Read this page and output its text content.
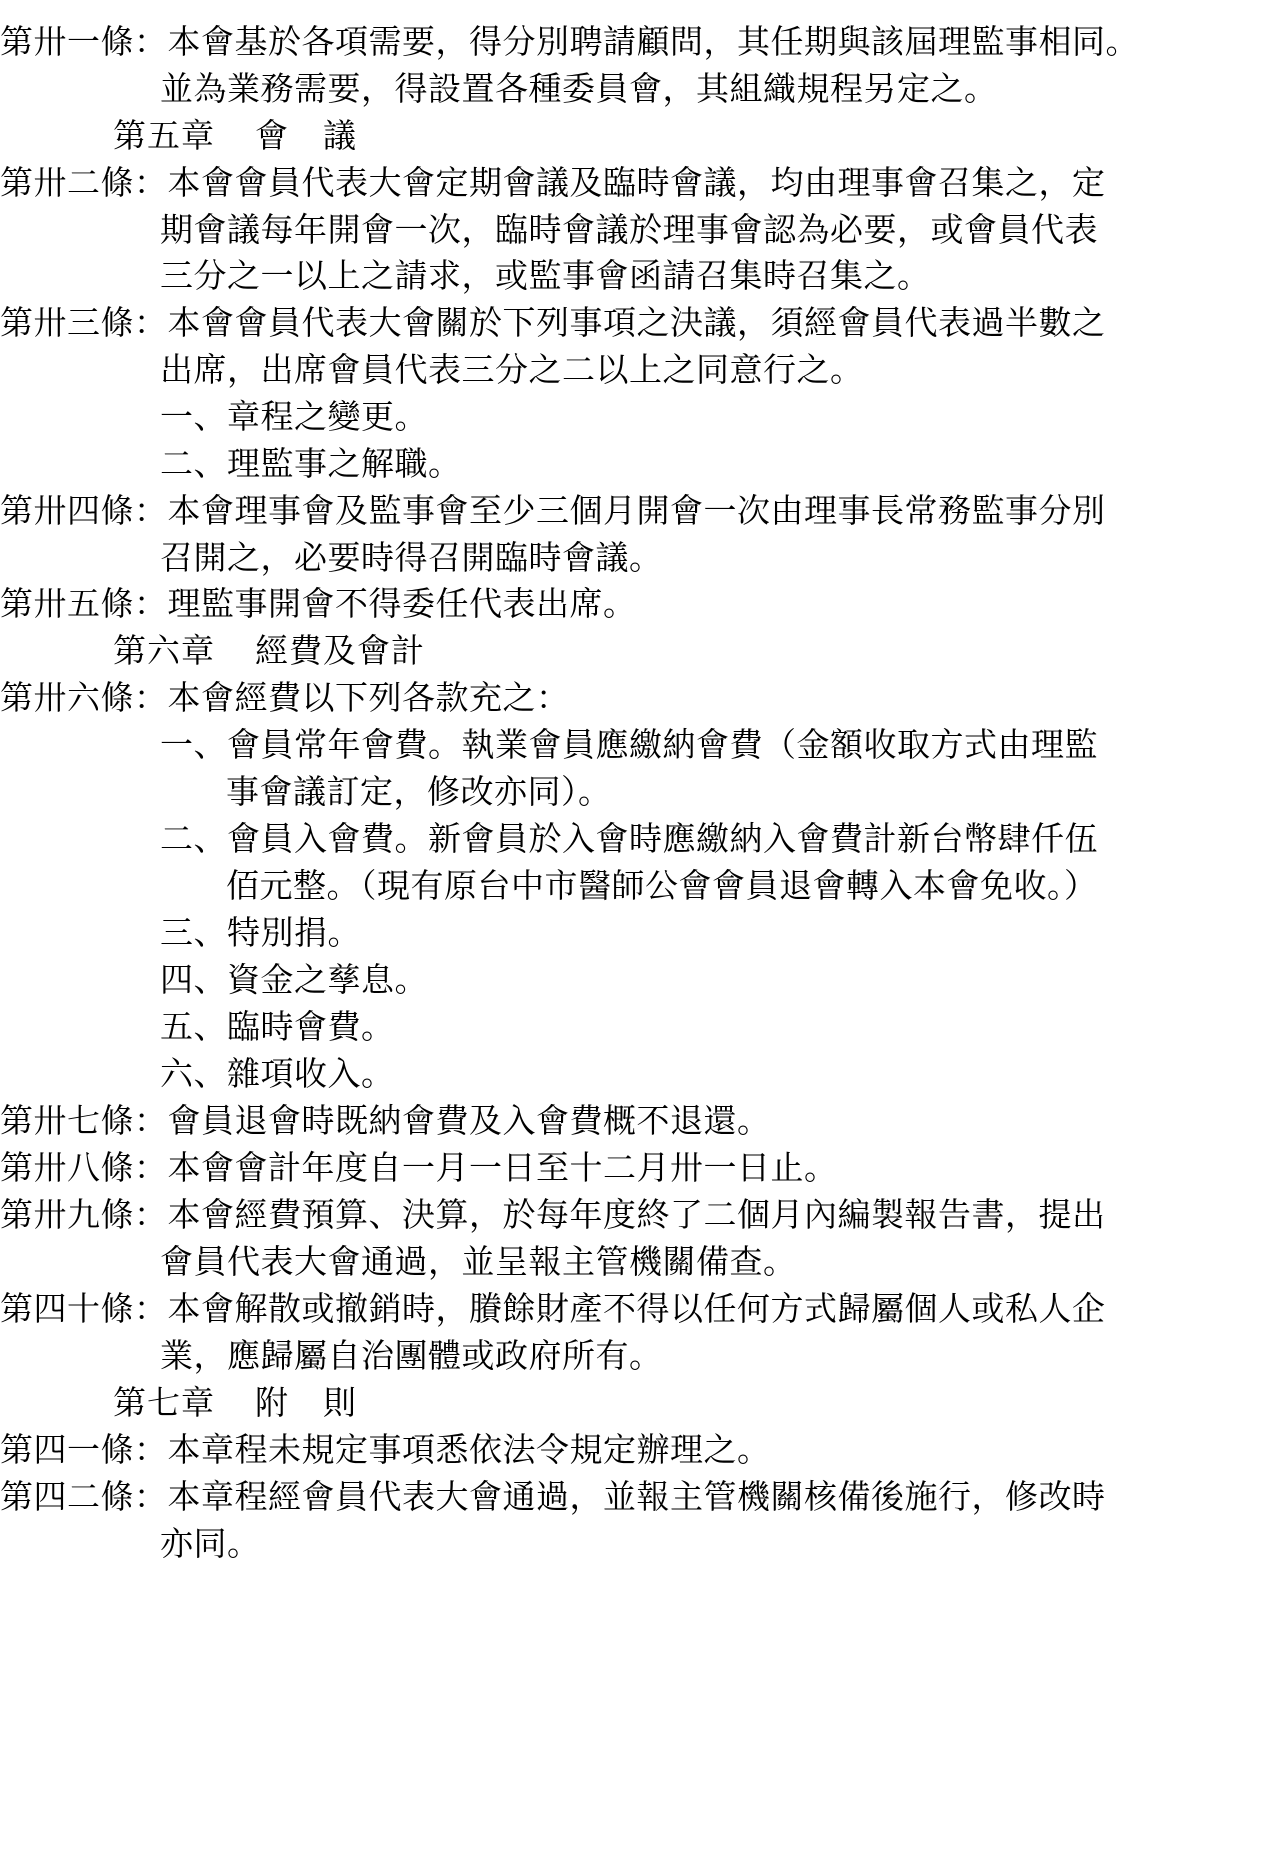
第卅一條：本會基於各項需要，得分別聘請顧問，其任期與該屆理監事相同。
並為業務需要，得設置各種委員會，其組織規程另定之。
第五章 會　議
第卅二條：本會會員代表大會定期會議及臨時會議，均由理事會召集之，定
期會議每年開會一次，臨時會議於理事會認為必要，或會員代表
三分之一以上之請求，或監事會函請召集時召集之。
第卅三條：本會會員代表大會關於下列事項之決議，須經會員代表過半數之
出席，出席會員代表三分之二以上之同意行之。
一、章程之變更。
二、理監事之解職。
第卅四條：本會理事會及監事會至少三個月開會一次由理事長常務監事分別
召開之，必要時得召開臨時會議。
第卅五條：理監事開會不得委任代表出席。
第六章 經費及會計
第卅六條：本會經費以下列各款充之：
一、會員常年會費。執業會員應繳納會費（金額收取方式由理監
事會議訂定，修改亦同）。
二、會員入會費。新會員於入會時應繳納入會費計新台幣肆仟伍
佰元整。（現有原台中市醫師公會會員退會轉入本會免收。）
三、特別捐。
四、資金之孳息。
五、臨時會費。
六、雜項收入。
第卅七條：會員退會時既納會費及入會費概不退還。
第卅八條：本會會計年度自一月一日至十二月卅一日止。
第卅九條：本會經費預算、決算，於每年度終了二個月內編製報告書，提出
會員代表大會通過，並呈報主管機關備查。
第四十條：本會解散或撤銷時，賸餘財產不得以任何方式歸屬個人或私人企
業，應歸屬自治團體或政府所有。
第七章 附　則
第四一條：本章程未規定事項悉依法令規定辦理之。
第四二條：本章程經會員代表大會通過，並報主管機關核備後施行，修改時
亦同。
